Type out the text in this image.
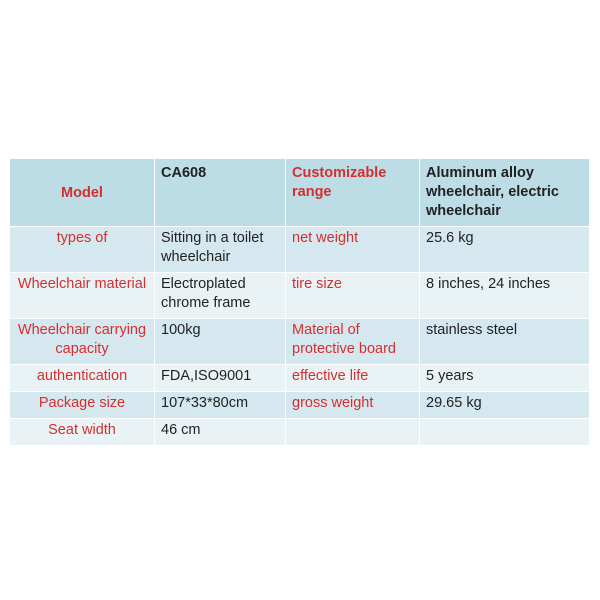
Model	CA608	Customizable range	Aluminum alloy wheelchair, electric wheelchair
types of	Sitting in a toilet wheelchair	net weight	25.6 kg
Wheelchair material	Electroplated chrome frame	tire size	8 inches, 24 inches
Wheelchair carrying capacity	100kg	Material of protective board	stainless steel
authentication	FDA,ISO9001	effective life	5 years
Package size	107*33*80cm	gross weight	29.65 kg
Seat width	46 cm		
